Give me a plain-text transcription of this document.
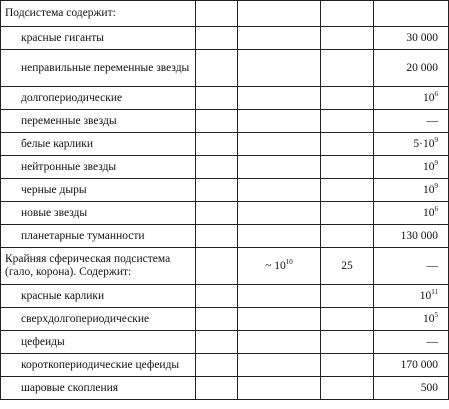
Подсистема содержит:				
красные гиганты				30 000
неправильные переменные звезды				20 000
долгопериодические				$10^6$
переменные звезды				—
белые карлики				$5\cdot 10^9$
нейтронные звезды				$10^9$
черные дыры				$10^9$
новые звезды				$10^6$
планетарные туманности				130 000
Крайняя сферическая подсистема (гало, корона). Содержит:		~ $10^{10}$	25	—
красные карлики				$10^{11}$
сверхдолгопериодические				$10^5$
цефеиды				—
короткопериодические цефеиды				170 000
шаровые скопления				500
